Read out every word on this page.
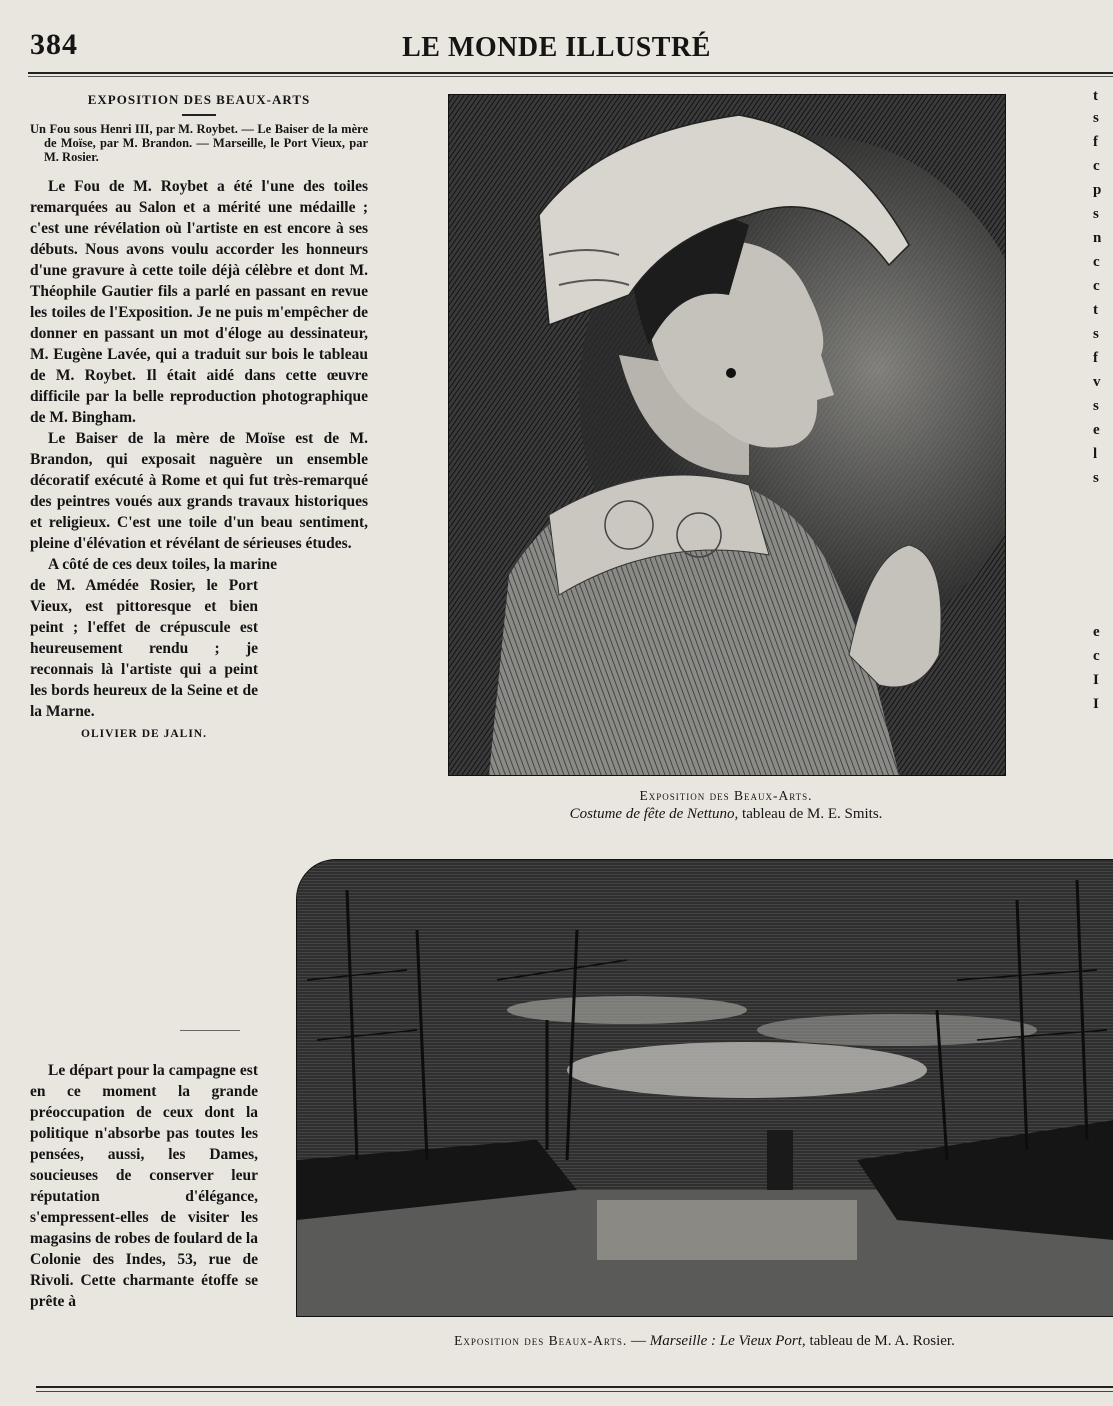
384	LE MONDE ILLUSTRÉ
EXPOSITION DES BEAUX-ARTS

Un Fou sous Henri III, par M. Roybet. — Le Baiser de la mère de Moïse, par M. Brandon. — Marseille, le Port Vieux, par M. Rosier.

Le Fou de M. Roybet a été l'une des toiles remarquées au Salon et a mérité une médaille ; c'est une révélation où l'artiste en est encore à ses débuts. Nous avons voulu accorder les honneurs d'une gravure à cette toile déjà célèbre et dont M. Théophile Gautier fils a parlé en passant en revue les toiles de l'Exposition. Je ne puis m'empêcher de donner en passant un mot d'éloge au dessinateur, M. Eugène Lavée, qui a traduit sur bois le tableau de M. Roybet. Il était aidé dans cette œuvre difficile par la belle reproduction photographique de M. Bingham.

Le Baiser de la mère de Moïse est de M. Brandon, qui exposait naguère un ensemble décoratif exécuté à Rome et qui fut très-remarqué des peintres voués aux grands travaux historiques et religieux. C'est une toile d'un beau sentiment, pleine d'élévation et révélant de sérieuses études.

A côté de ces deux toiles, la marine

de M. Amédée Rosier, le Port Vieux, est pittoresque et bien peint ; l'effet de crépuscule est heureusement rendu ; je reconnais là l'artiste qui a peint les bords heureux de la Seine et de la Marne.

OLIVIER DE JALIN.

Le départ pour la campagne est en ce moment la grande préoccupation de ceux dont la politique n'absorbe pas toutes les pensées, aussi, les Dames, soucieuses de conserver leur réputation d'élégance, s'empressent-elles de visiter les magasins de robes de foulard de la Colonie des Indes, 53, rue de Rivoli. Cette charmante étoffe se prête à

t
s
f
c
p
s
n
c
c
t
s
f
v
s
e
l
s
e
c
I
I
Exposition des Beaux-Arts.
Costume de fête de Nettuno, tableau de M. E. Smits.
Exposition des Beaux-Arts. — Marseille : Le Vieux Port, tableau de M. A. Rosier.
